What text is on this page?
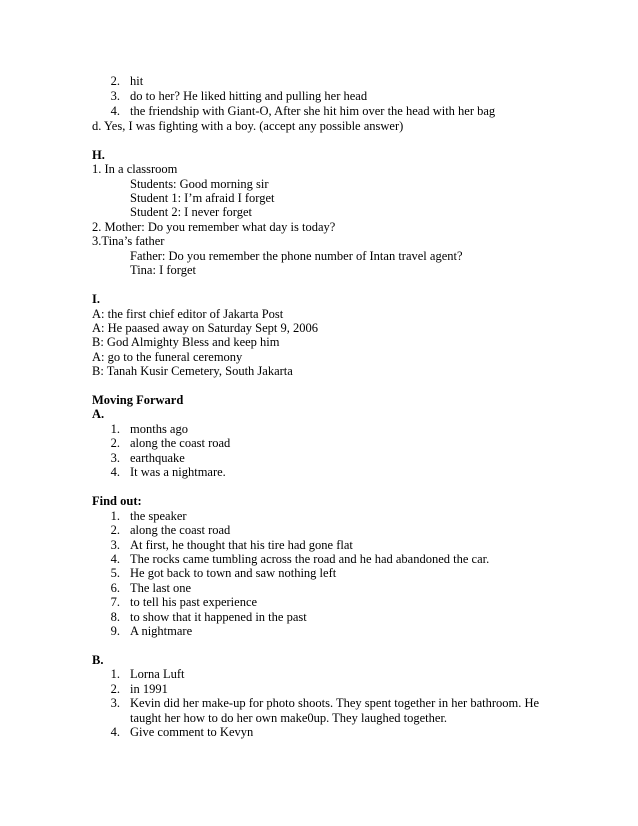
2. hit
3. do to her? He liked hitting and pulling her head
4. the friendship with Giant-O, After she hit him over the head with her bag
d. Yes, I was fighting with a boy. (accept any possible answer)
H.
1. In a classroom
Students: Good morning sir
Student 1: I’m afraid I forget
Student 2: I never forget
2. Mother: Do you remember what day is today?
3.Tina’s father
Father: Do you remember the phone number of Intan travel agent?
Tina: I forget
I.
A: the first chief editor of Jakarta Post
A: He paased away on Saturday Sept 9, 2006
B: God Almighty Bless and keep him
A: go to the funeral ceremony
B: Tanah Kusir Cemetery, South Jakarta
Moving Forward
A.
1. months ago
2. along the coast road
3. earthquake
4. It was a nightmare.
Find out:
1. the speaker
2. along the coast road
3. At first, he thought that his tire had gone flat
4. The rocks came tumbling across the road and he had abandoned the car.
5. He got back to town and saw nothing left
6. The last one
7. to tell his past experience
8. to show that it happened in the past
9. A nightmare
B.
1. Lorna Luft
2. in 1991
3. Kevin did her make-up for photo shoots. They spent together in her bathroom. He
taught her how to do her own make0up. They laughed together.
4. Give comment to Kevyn
